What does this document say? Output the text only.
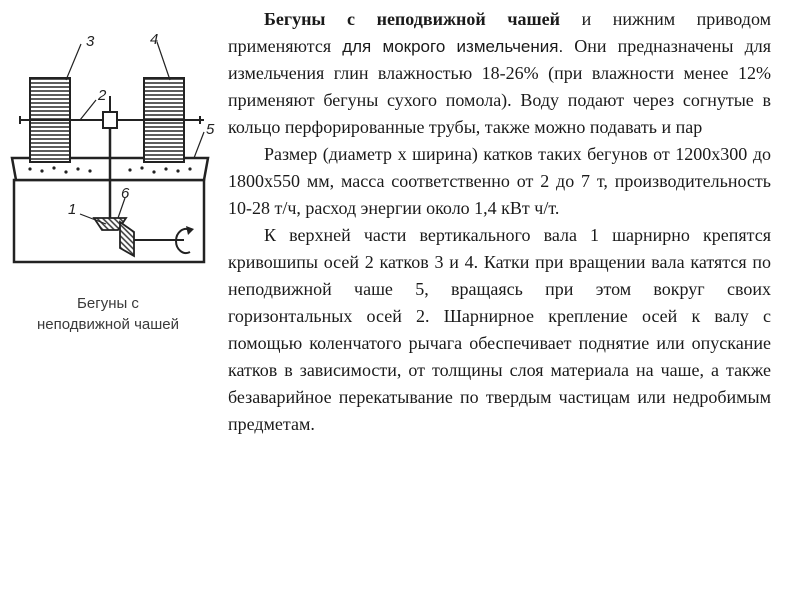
3	4
2
5
1
6
Бегуны с
неподвижной чашей

Бегуны с неподвижной чашей и нижним приводом применяются для мокрого измельчения. Они предназначены для измельчения глин влажностью 18-26% (при влажности менее 12% применяют бегуны сухого помола). Воду подают через согнутые в кольцо перфорированные трубы, также можно подавать и пар

Размер (диаметр х ширина) катков таких бегунов от 1200х300 до 1800х550 мм, масса соответственно от 2 до 7 т, производительность 10-28 т/ч, расход энергии около 1,4 кВт ч/т.

К верхней части вертикального вала 1 шарнирно крепятся кривошипы осей 2 катков 3 и 4. Катки при вращении вала катятся по неподвижной чаше 5, вращаясь при этом вокруг своих горизонтальных осей 2. Шарнирное крепление осей к валу с помощью коленчатого рычага обеспечивает поднятие или опускание катков в зависимости, от толщины слоя материала на чаше, а также безаварийное перекатывание по твердым частицам или недробимым предметам.
